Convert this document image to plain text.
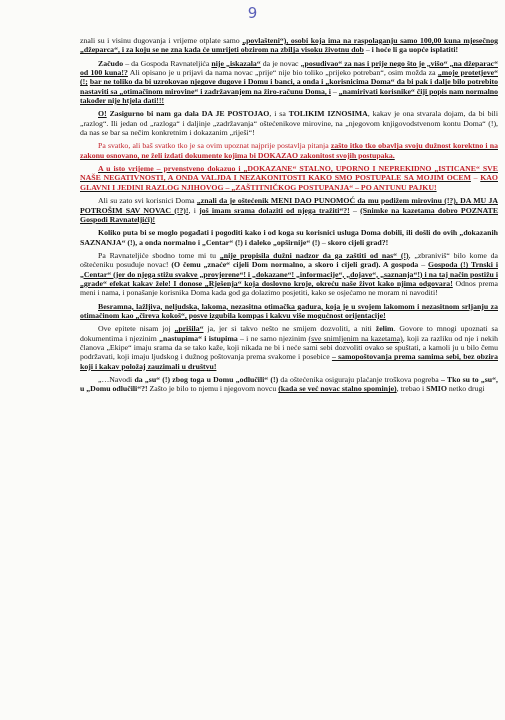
9

znali su i visinu dugovanja i vrijeme otplate samo „povlašteni“), osobi koja ima na raspolaganju samo 100,00 kuna mjesečnog „džeparca“, i za koju se ne zna kada će umrijeti obzirom na zbilja visoku životnu dob – i hoće li ga uopće isplatiti!

Začudo – da Gospoda Ravnateljića nije „iskazala“ da je novac „posudivao“ za nas i prije nego što je „višo“ „na džeparac“ od 100 kuna!? Ali opisano je u prijavi da nama novac „prije“ nije bio toliko „prijeko potreban“, osim možda za „moje protetjeve“ (!; bar ne toliko da bi uzrokovao njegove dugove i Domu i banci, a onda i „korisnicima Doma“ da bi pak i dalje bilo potrebito nastaviti sa „otimačinom mirovine“ i zadržavanjem na žiro-računu Doma, i – „namirivati korisnike“ čiji popis nam normalno također nije htjela dati!!!

O! Zasigurno bi nam ga dala DA JE POSTOJAO, i sa TOLIKIM IZNOSIMA, kakav je ona stvarala dojam, da bi bili „razlog“. Ili jedan od „razloga“ i daljinje „zadržavanja“ oštećenikove mirovine, na „njegovom knjigovodstvenom kontu Doma“ (!), da nas se bar sa nečim konkretnim i dokazanim „riješi“!

Pa svatko, ali baš svatko tko je sa ovim upoznat najprije postavlja pitanja zašto itko tko obavlja svoju dužnost korektno i na zakonu osnovano, ne želi izdati dokumente kojima bi DOKAZAO zakonitost svojih postupaka.

A u isto vrijeme – prvenstveno dokazuo i „DOKAZANE“ STALNO, UPORNO I NEPREKIDNO „ISTICANE“ SVE NAŠE NEGATIVNOSTI, A ONDA VALJDA I NEZAKONITOSTI KAKO SMO POSTUPALE SA MOJIM OCEM – KAO GLAVNI I JEDINI RAZLOG NJIHOVOG – „ZAŠTITNIČKOG POSTUPANJA“ – PO ANTUNU PAJKU!

Ali su zato svi korisnici Doma „znali da je oštećenik MENI DAO PUNOMOĆ da mu podižem mirovinu (!?), DA MU JA POTROŠIM SAV NOVAC (!?)!, i još imam srama dolaziti od njega tražiti“?! – (Snimke na kazetama dobro POZNATE Gospodi Ravnateljići)!

Koliko puta bi se moglo pogađati i pogoditi kako i od koga su korisnici usluga Doma dobili, ili došli do ovih „dokazanih SAZNANJA“ (!), a onda normalno i „Centar“ (!) i daleko „opširnije“ (!) – skoro cijeli grad?!

Pa Ravnateljiće sbodno tome mi tu „nije propisila dužni nadzor da ga zaštiti od nas“ (!), „zbraniviš“ bilo kome da oštećeniku posuđuje novac! (O čemu „znaće“ cijeli Dom normalno, a skoro i cijeli grad). A gospoda – Gospoda (!) Trnski i „Centar“ (jer do njega stižu svakve „provjerene“! i „dokazane“! „informacije“, „dojave“, „saznanja“!) i na taj način postižu i „grade“ efekat kakav žele! I donose „Rješenja“ koja doslovno kroje, okreću naše život kako njima odgovara! Odnos prema meni i nama, i ponašanje korisnika Doma kada god ga dolazimo posjetiti, kako se osjećamo ne moram ni navoditi!

Besramna, lažljiva, neljudska, lakoma, nezasitna otimačka gadura, koja je u svojem lakomom i nezasitnom srljanju za otimačinom kao „čireva kokoš“, posve izgubila kompas i kakvu više mogućnost orijentacije!

Ove epitete nisam joj „prišila“ ja, jer si takvo nešto ne smijem dozvoliti, a niti želim. Govore to mnogi upoznati sa dokumentima i njezinim „nastupima“ i istupima – i ne samo njezinim (sve snimljenim na kazetama), koji za razliku od nje i nekih članova „Ekipe“ imaju srama da se tako kaže, koji nikada ne bi i neće sami sebi dozvoliti ovako se spuštati, a kamoli ju u bilo čemu podržavati, koji imaju ljudskog i dužnog poštovanja prema svakome i posebice – samopoštovanja prema samima sebi, bez obzira koji i kakav položaj zauzimali u društvu!

„…Navodi da „su“ (!) zbog toga u Domu „odlučili“ (!) da oštećenika osiguraju plaćanje troškova pogreba – Tko su to „su“, u „Domu odlučili“?! Zašto je bilo to njemu i njegovom novcu (kada se već novac stalno spominje), trebao i SMIO netko drugi
